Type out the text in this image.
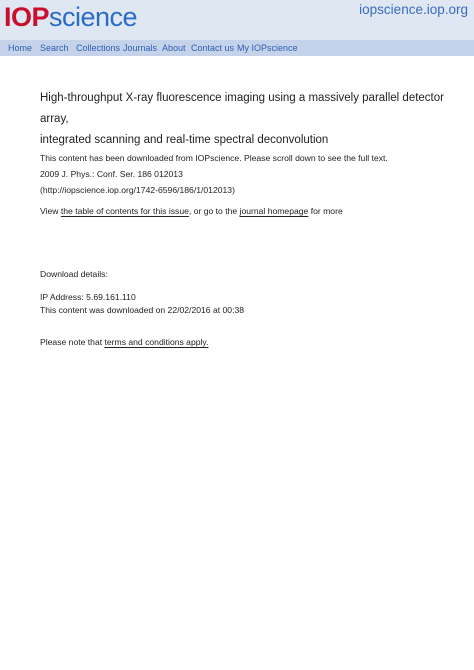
IOPscience	iopscience.iop.org
Home Search Collections Journals About Contact us My IOPscience
High-throughput X-ray fluorescence imaging using a massively parallel detector array,
integrated scanning and real-time spectral deconvolution
This content has been downloaded from IOPscience. Please scroll down to see the full text.
2009 J. Phys.: Conf. Ser. 186 012013
(http://iopscience.iop.org/1742-6596/186/1/012013)
View the table of contents for this issue, or go to the journal homepage for more
Download details:
IP Address: 5.69.161.110
This content was downloaded on 22/02/2016 at 00:38
Please note that terms and conditions apply.
